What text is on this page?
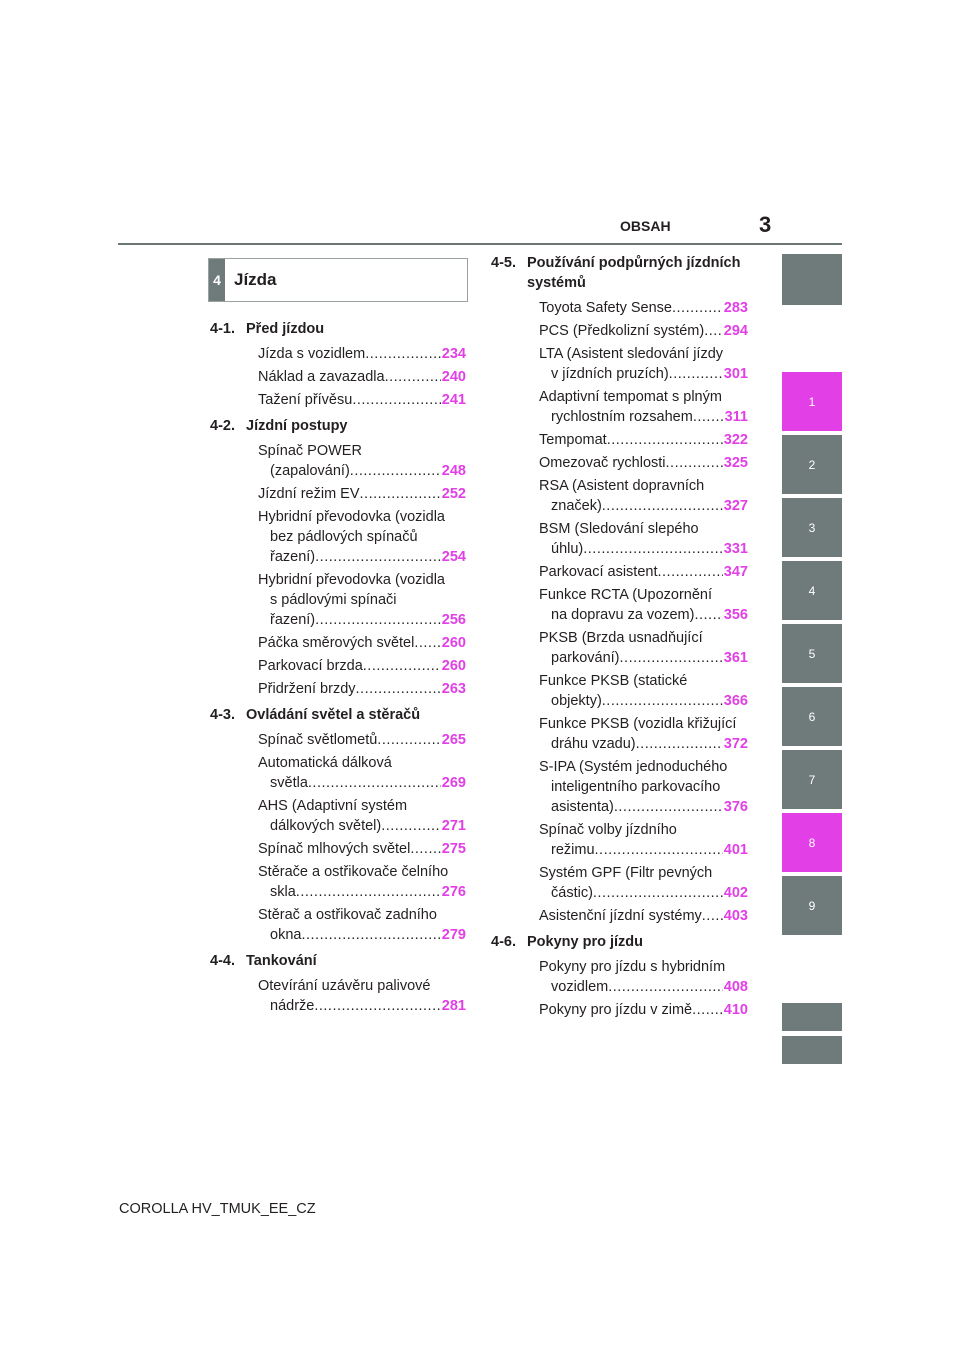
OBSAH	3
1
2
3
4
5
6
7
8
9
4 Jízda
4-1. Před jízdou
Jízda s vozidlem .....	234
Náklad a zavazadla .....	240
Tažení přívěsu .....	241
4-2. Jízdní postupy
Spínač POWER
(zapalování) .....	248
Jízdní režim EV .....	252
Hybridní převodovka (vozidla
bez pádlových spínačů
řazení) .....	254
Hybridní převodovka (vozidla
s pádlovými spínači
řazení) .....	256
Páčka směrových světel ..... 260
Parkovací brzda .....	260
Přidržení brzdy .....	263
4-3. Ovládání světel a stěračů
Spínač světlometů .....	265
Automatická dálková
světla .....	269
AHS (Adaptivní systém
dálkových světel) .....	271
Spínač mlhových světel ..... 275
Stěrače a ostřikovače čelního
skla .....	276
Stěrač a ostřikovač zadního
okna .....	279
4-4. Tankování
Otevírání uzávěru palivové
nádrže .....	281
4-5. Používání podpůrných jízdních systémů
Toyota Safety Sense .....	283
PCS (Předkolizní systém) ..... 294
LTA (Asistent sledování jízdy
v jízdních pruzích) .....	301
Adaptivní tempomat s plným
rychlostním rozsahem ..... 311
Tempomat .....	322
Omezovač rychlosti .....	325
RSA (Asistent dopravních
značek) .....	327
BSM (Sledování slepého
úhlu) .....	331
Parkovací asistent .....	347
Funkce RCTA (Upozornění
na dopravu za vozem) ..... 356
PKSB (Brzda usnadňující
parkování) .....	361
Funkce PKSB (statické
objekty) .....	366
Funkce PKSB (vozidla křižující
dráhu vzadu) .....	372
S-IPA (Systém jednoduchého
inteligentního parkovacího
asistenta) .....	376
Spínač volby jízdního
režimu .....	401
Systém GPF (Filtr pevných
částic) .....	402
Asistenční jízdní systémy ..... 403
4-6. Pokyny pro jízdu
Pokyny pro jízdu s hybridním
vozidlem .....	408
Pokyny pro jízdu v zimě ..... 410
COROLLA HV_TMUK_EE_CZ
